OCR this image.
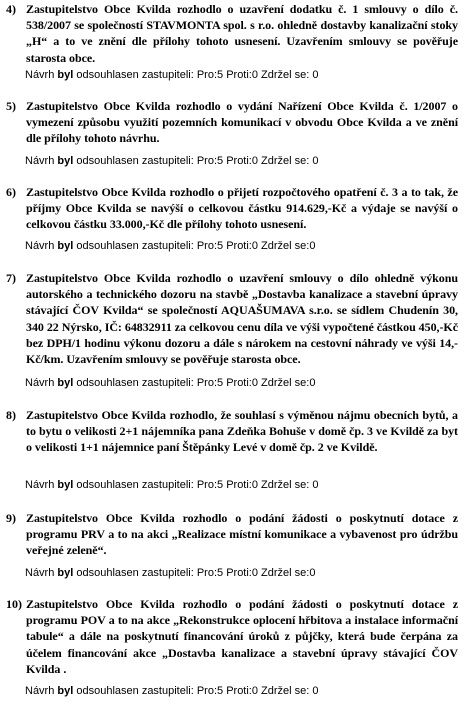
4) Zastupitelstvo Obce Kvilda rozhodlo o uzavření dodatku č. 1 smlouvy o dílo č. 538/2007 se společností STAVMONTA spol. s r.o. ohledně dostavby kanalizační stoky „H“ a to ve znění dle přílohy tohoto usnesení. Uzavřením smlouvy se pověřuje starosta obce.
Návrh byl odsouhlasen zastupiteli: Pro:5 Proti:0 Zdržel se: 0
5) Zastupitelstvo Obce Kvilda rozhodlo o vydání Nařízení Obce Kvilda č. 1/2007 o vymezení způsobu využití pozemních komunikací v obvodu Obce Kvilda a ve znění dle přílohy tohoto návrhu.
Návrh byl odsouhlasen zastupiteli: Pro:5 Proti:0 Zdržel se: 0
6) Zastupitelstvo Obce Kvilda rozhodlo o přijetí rozpočtového opatření č. 3 a to tak, že příjmy Obce Kvilda se navýší o celkovou částku 914.629,-Kč a výdaje se navýší o celkovou částku 33.000,-Kč dle přílohy tohoto usnesení.
Návrh byl odsouhlasen zastupiteli: Pro:5 Proti:0 Zdržel se:0
7) Zastupitelstvo Obce Kvilda rozhodlo o uzavření smlouvy o dílo ohledně výkonu autorského a technického dozoru na stavbě „Dostavba kanalizace a stavební úpravy stávající ČOV Kvilda“ se společností AQUAŠUMAVA s.r.o. se sídlem Chudenín 30, 340 22 Nýrsko, IČ: 64832911 za celkovou cenu díla ve výši vypočtené částkou 450,-Kč bez DPH/1 hodinu výkonu dozoru a dále s nárokem na cestovní náhrady ve výši 14,-Kč/km. Uzavřením smlouvy se pověřuje starosta obce.
Návrh byl odsouhlasen zastupiteli: Pro:5 Proti:0 Zdržel se:0
8) Zastupitelstvo Obce Kvilda rozhodlo, že souhlasí s výměnou nájmu obecních bytů, a to bytu o velikosti 2+1 nájemníka pana Zdeňka Bohuše v domě čp. 3 ve Kvildě za byt o velikosti 1+1 nájemnice paní Štěpánky Levé v domě čp. 2 ve Kvildě.
Návrh byl odsouhlasen zastupiteli: Pro:5 Proti:0 Zdržel se: 0
9) Zastupitelstvo Obce Kvilda rozhodlo o podání žádosti o poskytnutí dotace z programu PRV a to na akci „Realizace místní komunikace a vybavenost pro údržbu veřejné zeleně“.
Návrh byl odsouhlasen zastupiteli: Pro:5 Proti:0 Zdržel se:0
10) Zastupitelstvo Obce Kvilda rozhodlo o podání žádosti o poskytnutí dotace z programu POV a to na akce „Rekonstrukce oplocení hřbitova a instalace informační tabule“ a dále na poskytnutí financování úroků z půjčky, která bude čerpána za účelem financování akce „Dostavba kanalizace a stavební úpravy stávající ČOV Kvilda .
Návrh byl odsouhlasen zastupiteli: Pro:5 Proti:0 Zdržel se: 0
